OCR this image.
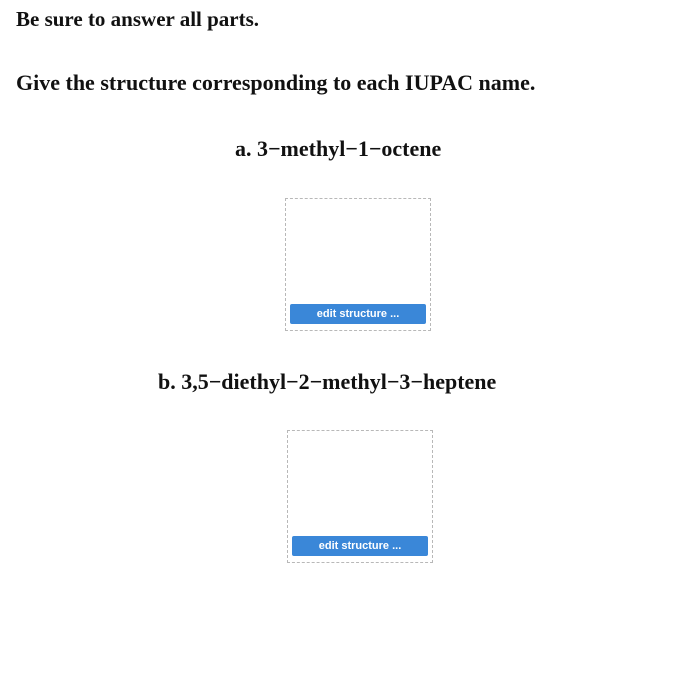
Be sure to answer all parts.

Give the structure corresponding to each IUPAC name.

a. 3−methyl−1−octene

edit structure ...

b. 3,5−diethyl−2−methyl−3−heptene

edit structure ...
